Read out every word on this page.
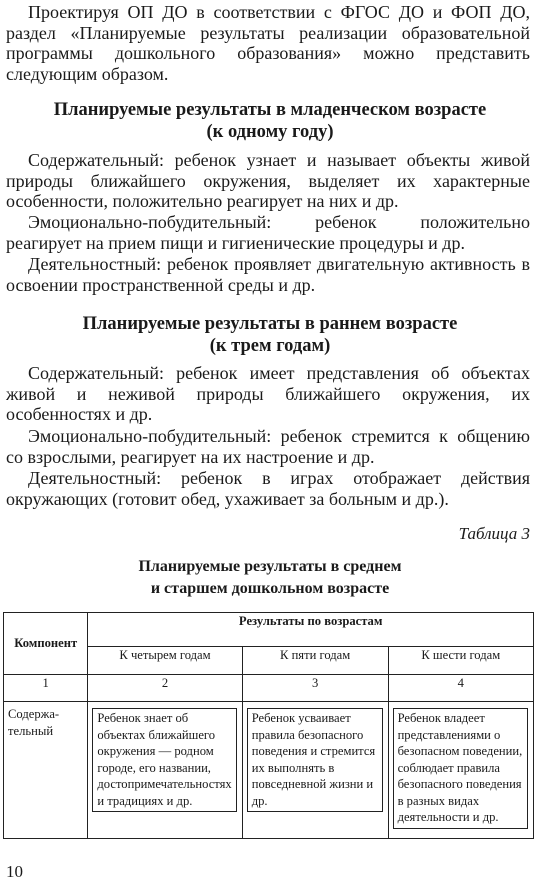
Проектируя ОП ДО в соответствии с ФГОС ДО и ФОП ДО, раздел «Планируемые результаты реализации образовательной программы дошкольного образования» можно представить следующим образом.

Планируемые результаты в младенческом возрасте
(к одному году)

Содержательный: ребенок узнает и называет объекты живой природы ближайшего окружения, выделяет их характерные особенности, положительно реагирует на них и др.

Эмоционально-побудительный: ребенок положительно реагирует на прием пищи и гигиенические процедуры и др.

Деятельностный: ребенок проявляет двигательную активность в освоении пространственной среды и др.

Планируемые результаты в раннем возрасте
(к трем годам)

Содержательный: ребенок имеет представления об объектах живой и неживой природы ближайшего окружения, их особенностях и др.

Эмоционально-побудительный: ребенок стремится к общению со взрослыми, реагирует на их настроение и др.

Деятельностный: ребенок в играх отображает действия окружающих (готовит обед, ухаживает за больным и др.).

Таблица 3
Планируемые результаты в среднем
и старшем дошкольном возрасте
Компонент	Результаты по возрастам		
	К четырем годам	К пяти годам	К шести годам
1	2	3	4
Содержа-тельный	Ребенок знает об объектах ближайшего окружения — родном городе, его названии, достопримечательностях и традициях и др.	Ребенок усваивает правила безопасного поведения и стремится их выполнять в повседневной жизни и др.	Ребенок владеет представлениями о безопасном поведении, соблюдает правила безопасного поведения в разных видах деятельности и др.
10
